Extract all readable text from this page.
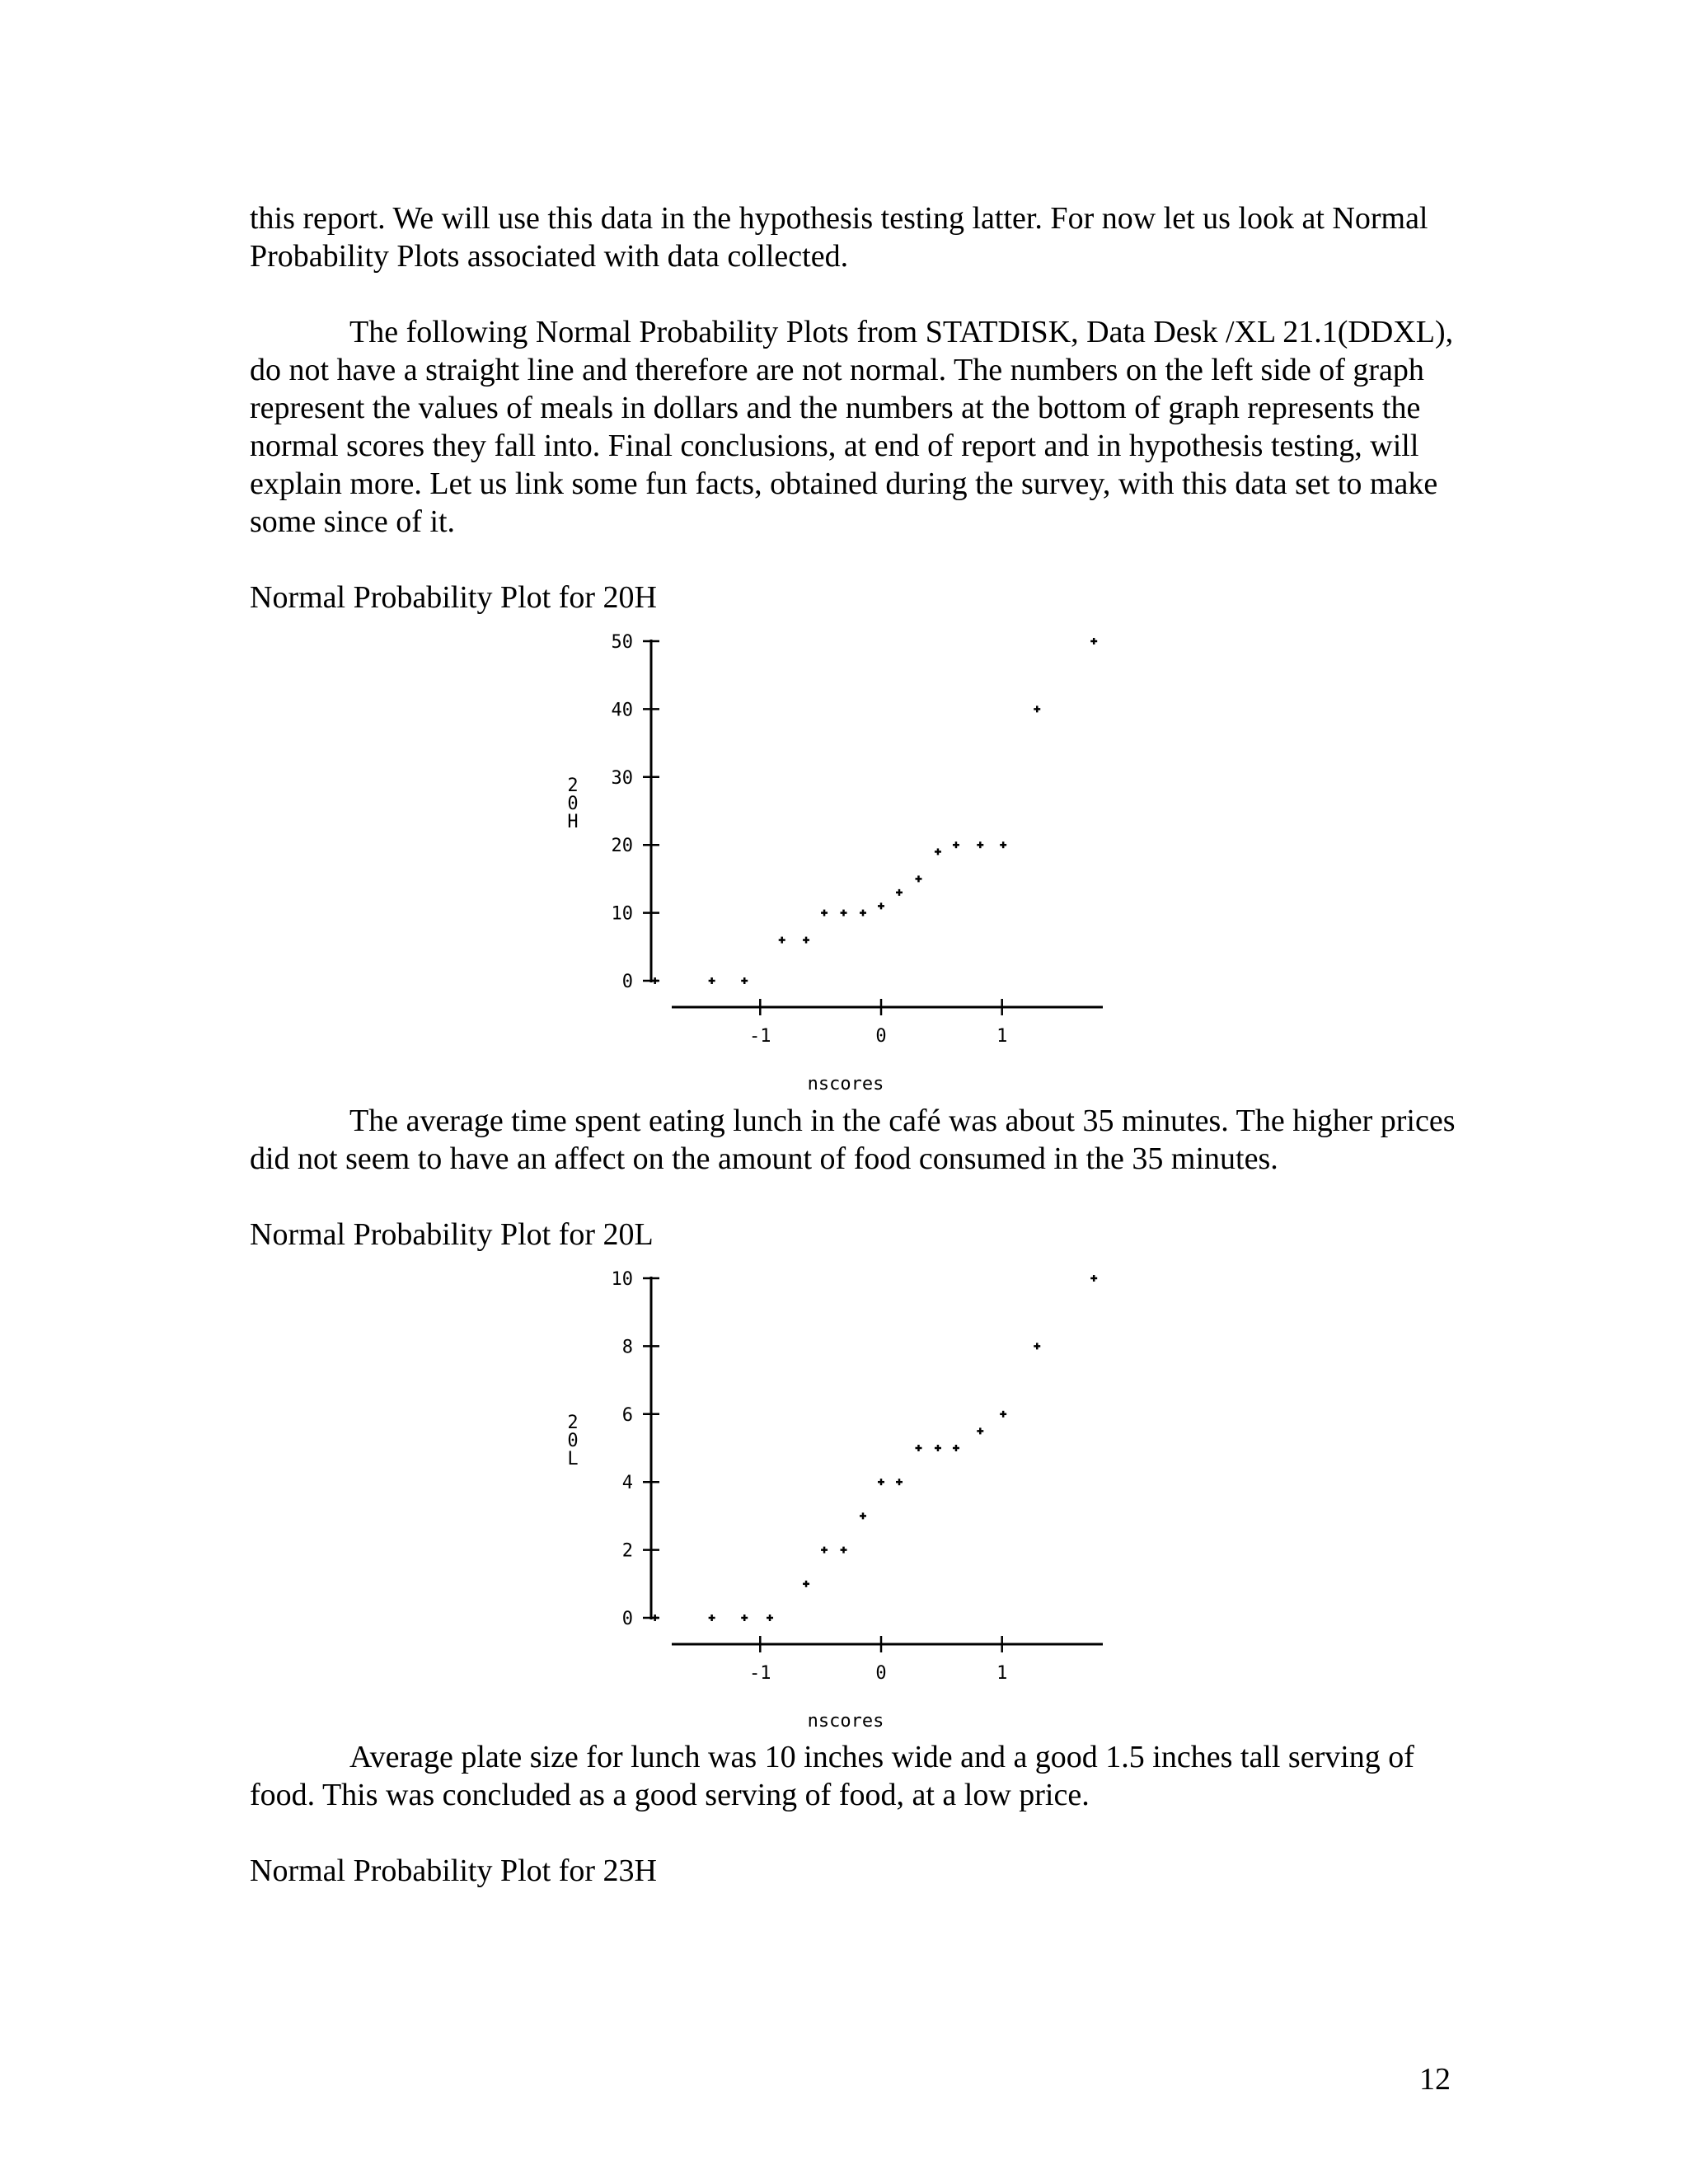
this report. We will use this data in the hypothesis testing latter. For now let us look at Normal Probability Plots associated with data collected.

The following Normal Probability Plots from STATDISK, Data Desk /XL 21.1(DDXL), do not have a straight line and therefore are not normal. The numbers on the left side of graph represent the values of meals in dollars and the numbers at the bottom of graph represents the normal scores they fall into. Final conclusions, at end of report and in hypothesis testing, will explain more. Let us link some fun facts, obtained during the survey, with this data set to make some since of it.

Normal Probability Plot for 20H

0
10
20
30
40
50
-1	0	1
nscores
2
0
H

The average time spent eating lunch in the café was about 35 minutes. The higher prices did not seem to have an affect on the amount of food consumed in the 35 minutes.

Normal Probability Plot for 20L

0
2
4
6
8
10
-1	0	1
nscores
2
0
L

Average plate size for lunch was 10 inches wide and a good 1.5 inches tall serving of food. This was concluded as a good serving of food, at a low price.

Normal Probability Plot for 23H

12
